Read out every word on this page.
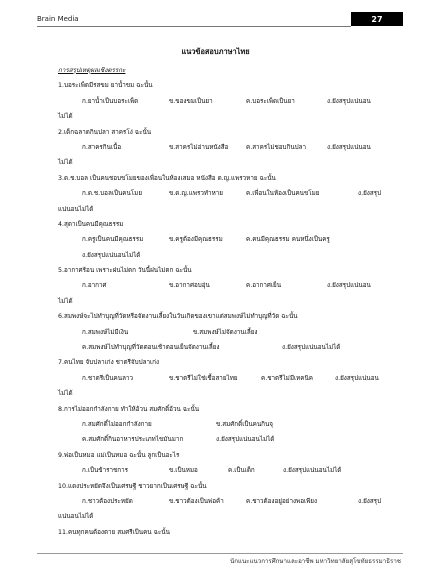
Brain Media	27
แนวข้อสอบภาษาไทย
การสรุปเหตุผลเชิงตรรกะ
1.บอระเพ็ดมีรสขม ยาน้ำขม ฉะนั้น
ก.ยาน้ำเป็นบอระเพ็ด	ข.ของขมเป็นยา	ค.บอระเพ็ดเป็นยา	ง.ยังสรุปแน่นอน
ไม่ได้
2.เด็กฉลาดกินปลา สาครโง่ ฉะนั้น
ก.สาครกินเนื้อ	ข.สาครไม่อ่านหนังสือ	ค.สาครไม่ชอบกินปลา	ง.ยังสรุปแน่นอน
ไม่ได้
3.ด.ช.บอล เป็นคนชอบขโมยของเพื่อนในห้องเสมอ หนังสือ ด.ญ.แพรวหาย ฉะนั้น
ก.ด.ช.บอลเป็นคนโมย	ข.ด.ญ.แพรวทำหาย	ค.เพื่อนในห้องเป็นคนขโมย	ง.ยังสรุป
แน่นอนไม่ได้
4.สุดาเป็นคนมีคุณธรรม
ก.ครูเป็นคนมีคุณธรรม	ข.ครูต้องมีคุณธรรม	ค.คนมีคุณธรรม คนหนึ่งเป็นครู
ง.ยังสรุปแน่นอนไม่ได้
5.อากาศร้อน เพราะฝนไม่ตก วันนี้ฝนไม่ตก ฉะนั้น
ก.อากาศ	ข.อากาศอบอุ่น	ค.อากาศเย็น	ง.ยังสรุปแน่นอน
ไม่ได้
6.สมพงษ์จะไปทำบุญที่วัดหรือจัดงานเลี้ยงในวันเกิดของเขาแต่สมพงษ์ไม่ทำบุญที่วัด ฉะนั้น
ก.สมพงษ์ไม่มีเงิน	ข.สมพงษ์ไม่จัดงานเลี้ยง
ค.สมพงษ์ไปทำบุญที่วัดตอนเช้าตอนเย็นจัดงานเลี้ยง	ง.ยังสรุปแน่นอนไม่ได้
7.คนไทย จับปลาเก่ง ชาตรีจับปลาเก่ง
ก.ชาตรีเป็นคนลาว	ข.ชาตรีไม่ใช่เชื้อสายไทย	ค.ชาตรีไม่มีเทคนิค	ง.ยังสรุปแน่นอน
ไม่ได้
8.การไม่ออกกำลังกาย ทำให้อ้วน สมศักดิ์อ้วน ฉะนั้น
ก.สมศักดิ์ไม่ออกกำลังกาย	ข.สมศักดิ์เป็นคนกินจุ
ค.สมศักดิ์กินอาหารประเภทไขมันมาก	ง.ยังสรุปแน่นอนไม่ได้
9.พ่อเป็นหมอ แม่เป็นหมอ ฉะนั้น ลูกเป็นอะไร
ก.เป็นข้าราชการ	ข.เป็นหมอ	ค.เป็นเด็ก	ง.ยังสรุปแน่นอนไม่ได้
10.แดงประหยัดจึงเป็นเศรษฐี ชาวยากเป็นเศรษฐี ฉะนั้น
ก.ชาวต้องประหยัด	ข.ชาวต้องเป็นพ่อค้า	ค.ชาวต้องอยู่อย่างพอเพียง	ง.ยังสรุป
แน่นอนไม่ได้
11.คนทุกคนต้องตาย สมศรีเป็นคน ฉะนั้น
นักแนะแนวการศึกษาและอาชีพ มหาวิทยาลัยสุโขทัยธรรมาธิราช
